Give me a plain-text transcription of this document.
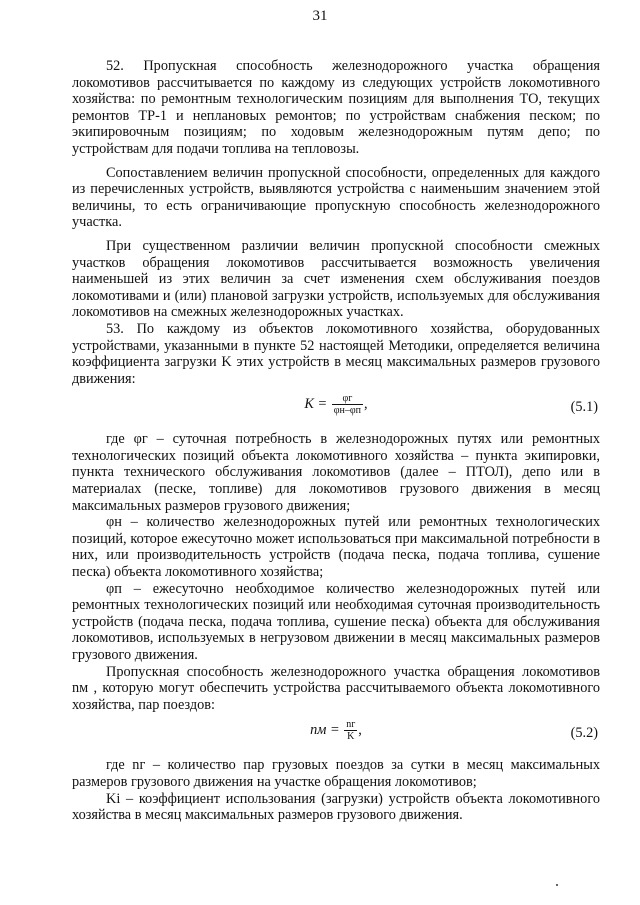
31

52. Пропускная способность железнодорожного участка обращения локомотивов рассчитывается по каждому из следующих устройств локомотивного хозяйства: по ремонтным технологическим позициям для выполнения ТО, текущих ремонтов ТР-1 и неплановых ремонтов; по устройствам снабжения песком; по экипировочным позициям; по ходовым железнодорожным путям депо; по устройствам для подачи топлива на тепловозы.

Сопоставлением величин пропускной способности, определенных для каждого из перечисленных устройств, выявляются устройства с наименьшим значением этой величины, то есть ограничивающие пропускную способность железнодорожного участка.

При существенном различии величин пропускной способности смежных участков обращения локомотивов рассчитывается возможность увеличения наименьшей из этих величин за счет изменения схем обслуживания поездов локомотивами и (или) плановой загрузки устройств, используемых для обслуживания локомотивов на смежных железнодорожных участках.

53. По каждому из объектов локомотивного хозяйства, оборудованных устройствами, указанными в пункте 52 настоящей Методики, определяется величина коэффициента загрузки K этих устройств в месяц максимальных размеров грузового движения:

$K = \frac{\varphi г}{\varphi н-\varphi п}$ ,	(5.1)

где φг – суточная потребность в железнодорожных путях или ремонтных технологических позиций объекта локомотивного хозяйства – пункта экипировки, пункта технического обслуживания локомотивов (далее – ПТОЛ), депо или в материалах (песке, топливе) для локомотивов грузового движения в месяц максимальных размеров грузового движения;

φн – количество железнодорожных путей или ремонтных технологических позиций, которое ежесуточно может использоваться при максимальной потребности в них, или производительность устройств (подача песка, подача топлива, сушение песка) объекта локомотивного хозяйства;

φп – ежесуточно необходимое количество железнодорожных путей или ремонтных технологических позиций или необходимая суточная производительность устройств (подача песка, подача топлива, сушение песка) объекта для обслуживания локомотивов, используемых в негрузовом движении в месяц максимальных размеров грузового движения.

Пропускная способность железнодорожного участка обращения локомотивов nм , которую могут обеспечить устройства рассчитываемого объекта локомотивного хозяйства, пар поездов:

nм = $\frac{nг}{K}$ ,	(5.2)

где nг – количество пар грузовых поездов за сутки в месяц максимальных размеров грузового движения на участке обращения локомотивов;

Ki – коэффициент использования (загрузки) устройств объекта локомотивного хозяйства в месяц максимальных размеров грузового движения.
